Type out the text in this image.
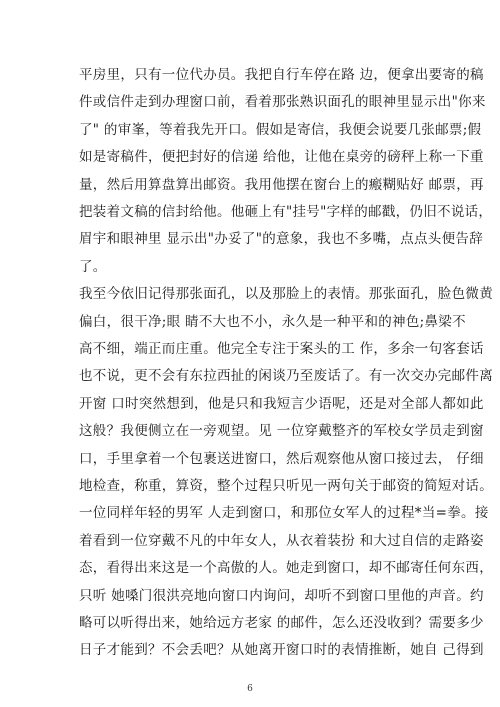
平房里，只有一位代办员。我把自行车停在路 边，便拿出要寄的稿
件或信件走到办理窗口前，看着那张熟识面孔的眼神里显示出"你来
了" 的审峯，等着我先开口。假如是寄信，我便会说要几张邮票;假
如是寄稿件，便把封好的信递 给他，让他在桌旁的磅秤上称一下重
量，然后用算盘算出邮资。我用他摆在窗台上的瘢糊贴好 邮票，再
把装着文稿的信封给他。他砸上有"挂号"字样的邮戳，仍旧不说话，
眉宇和眼神里 显示出"办妥了"的意象，我也不多嘴，点点头便告辞
了。
我至今依旧记得那张面孔，以及那脸上的表情。那张面孔，脸色微黄
偏白，很干净;眼 睛不大也不小，永久是一种平和的神色;鼻梁不
高不细，端正而庄重。他完全专注于案头的工 作，多余一句客套话
也不说，更不会有东拉西扯的闲谈乃至废话了。有一次交办完邮件离
开窗 口时突然想到，他是只和我短言少语呢，还是对全部人都如此
这般？我便侧立在一旁观望。见 一位穿戴整齐的军校女学员走到窗
口，手里拿着一个包裹送进窗口，然后观察他从窗口接过去， 仔细
地检查，称重，算资，整个过程只听见一两句关于邮资的简短对话。
一位同样年轻的男军 人走到窗口，和那位女军人的过程*当=拳。接
着看到一位穿戴不凡的中年女人，从衣着装扮 和大过自信的走路姿
态，看得出来这是一个高傲的人。她走到窗口，却不邮寄任何东西，
只听 她嗓门很洪亮地向窗口内询问，却听不到窗口里他的声音。约
略可以听得出来，她给远方老家 的邮件，怎么还没收到？需要多少
日子才能到？不会丢吧？从她离开窗口时的表情推断，她自 己得到
6
